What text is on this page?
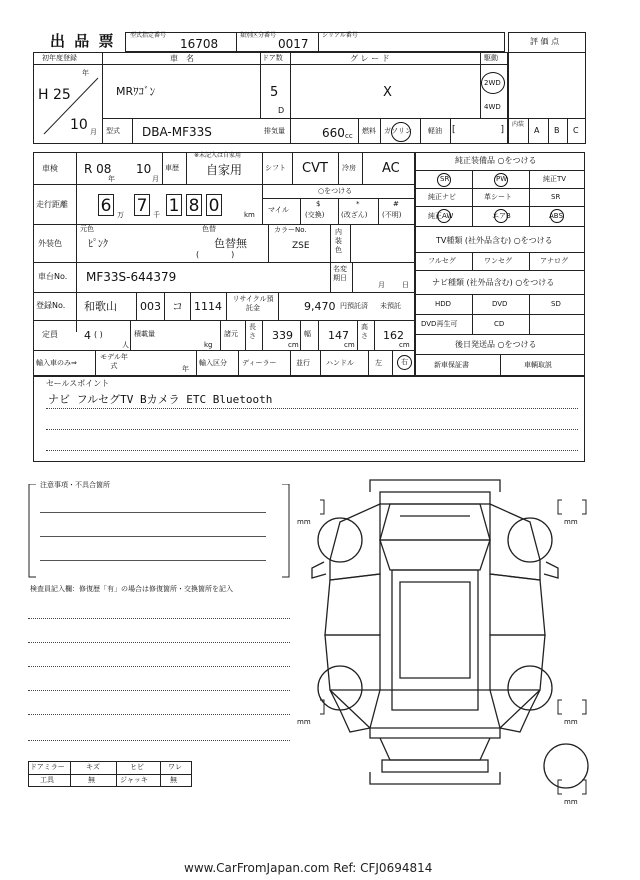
出 品 票 型式指定番号
16708
類別区分番号
0017
シリアル番号
評 価 点
初年度登録
年
H 25
10 月
車　名
MRﾜｺﾞﾝ
ドア数
5
D
グ レ ー ド
X
駆動
2WD
4WD
型式 DBA-MF33S	排気量	660 cc
燃料 ガソリン 軽油 [　　　　　]
内装
A B C
車検 R 08
年
10
月
車歴
※未記入は自家用
自家用	シフト CVT 冷房 AC
走行距離 6 万 7 千 1 8 0	km
○をつける
マイル
$
(交換)
*
(改ざん)
#
(不明)
外装色
元色
ﾋﾟﾝｸ
色替
色替無
(　　　　)
カラーNo.
ZSE
内装色
車台No. MF33S-644379
名変期日
月 日
登録No. 和歌山 003 コ 1114
リサイクル預託金	9,470 円預託済 未預託
定員 4 ( )
人
積載量
kg
諸元
長さ 339
cm
幅 147
cm
高さ 162
cm
輸入車のみ⇒
モデル年式	年
輸入区分 ディーラー	並行 ハンドル	左	右
純正装備品 ○をつける
SR	PW	純正TV
純正ナビ	革シート	SR
純正AW	エアB	ABS
TV種類 (社外品含む) ○をつける
フルセグ	ワンセグ	アナログ
ナビ種類 (社外品含む) ○をつける
HDD	DVD	SD
DVD再生可	CD
後日発送品 ○をつける
新車保証書	車輌取説
セールスポイント
ナビ フルセグTV Bカメラ ETC Bluetooth
注意事項・不具合箇所
検査員記入欄：修復歴「有」の場合は修復箇所・交換箇所を記入
ドアミラー	キズ	ヒビ	ワレ
工具	無	ジャッキ	無
mm	mm
mm	mm
mm
www.CarFromJapan.com Ref: CFJ0694814
